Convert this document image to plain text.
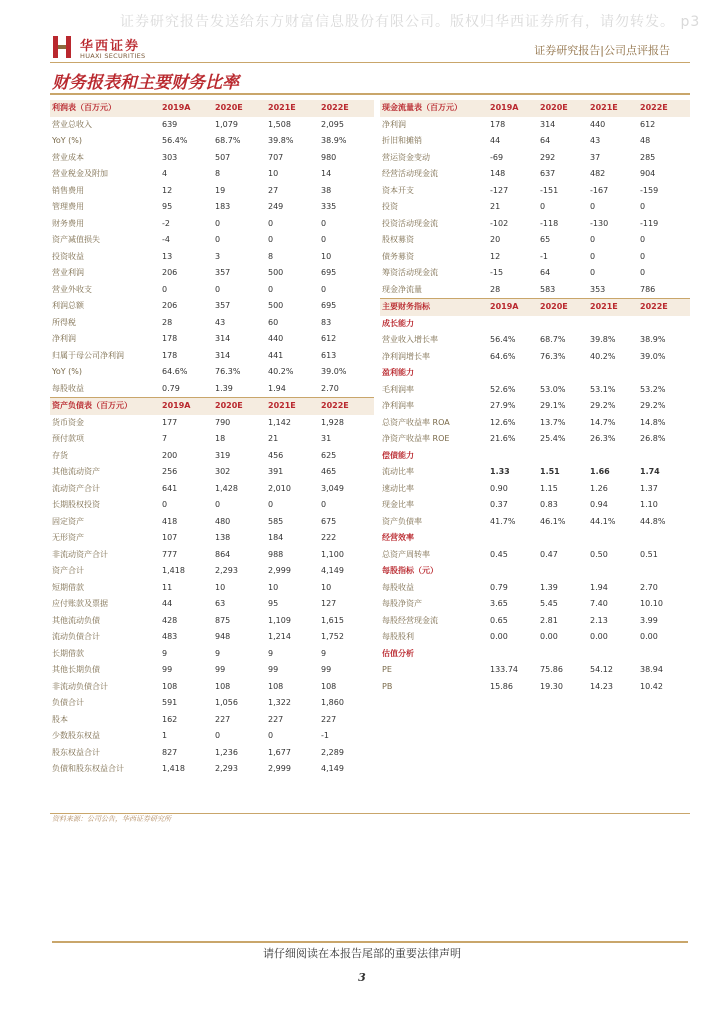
证券研究报告发送给东方财富信息股份有限公司。版权归华西证券所有，请勿转发。 p3
华西证券
HUAXI SECURITIES	证券研究报告|公司点评报告
财务报表和主要财务比率
利润表（百万元）	2019A	2020E	2021E	2022E
营业总收入	639	1,079	1,508	2,095
YoY (%)	56.4%	68.7%	39.8%	38.9%
营业成本	303	507	707	980
营业税金及附加	4	8	10	14
销售费用	12	19	27	38
管理费用	95	183	249	335
财务费用	-2	0	0	0
资产减值损失	-4	0	0	0
投资收益	13	3	8	10
营业利润	206	357	500	695
营业外收支	0	0	0	0
利润总额	206	357	500	695
所得税	28	43	60	83
净利润	178	314	440	612
归属于母公司净利润	178	314	441	613
YoY (%)	64.6%	76.3%	40.2%	39.0%
每股收益	0.79	1.39	1.94	2.70
资产负债表（百万元）	2019A	2020E	2021E	2022E
货币资金	177	790	1,142	1,928
预付款项	7	18	21	31
存货	200	319	456	625
其他流动资产	256	302	391	465
流动资产合计	641	1,428	2,010	3,049
长期股权投资	0	0	0	0
固定资产	418	480	585	675
无形资产	107	138	184	222
非流动资产合计	777	864	988	1,100
资产合计	1,418	2,293	2,999	4,149
短期借款	11	10	10	10
应付账款及票据	44	63	95	127
其他流动负债	428	875	1,109	1,615
流动负债合计	483	948	1,214	1,752
长期借款	9	9	9	9
其他长期负债	99	99	99	99
非流动负债合计	108	108	108	108
负债合计	591	1,056	1,322	1,860
股本	162	227	227	227
少数股东权益	1	0	0	-1
股东权益合计	827	1,236	1,677	2,289
负债和股东权益合计	1,418	2,293	2,999	4,149
现金流量表（百万元）	2019A	2020E	2021E	2022E
净利润	178	314	440	612
折旧和摊销	44	64	43	48
营运资金变动	-69	292	37	285
经营活动现金流	148	637	482	904
资本开支	-127	-151	-167	-159
投资	21	0	0	0
投资活动现金流	-102	-118	-130	-119
股权募资	20	65	0	0
债务募资	12	-1	0	0
筹资活动现金流	-15	64	0	0
现金净流量	28	583	353	786
主要财务指标	2019A	2020E	2021E	2022E
成长能力				
营业收入增长率	56.4%	68.7%	39.8%	38.9%
净利润增长率	64.6%	76.3%	40.2%	39.0%
盈利能力				
毛利润率	52.6%	53.0%	53.1%	53.2%
净利润率	27.9%	29.1%	29.2%	29.2%
总资产收益率 ROA	12.6%	13.7%	14.7%	14.8%
净资产收益率 ROE	21.6%	25.4%	26.3%	26.8%
偿债能力				
流动比率	1.33	1.51	1.66	1.74
速动比率	0.90	1.15	1.26	1.37
现金比率	0.37	0.83	0.94	1.10
资产负债率	41.7%	46.1%	44.1%	44.8%
经营效率				
总资产周转率	0.45	0.47	0.50	0.51
每股指标（元）				
每股收益	0.79	1.39	1.94	2.70
每股净资产	3.65	5.45	7.40	10.10
每股经营现金流	0.65	2.81	2.13	3.99
每股股利	0.00	0.00	0.00	0.00
估值分析				
PE	133.74	75.86	54.12	38.94
PB	15.86	19.30	14.23	10.42
资料来源：公司公告，华西证券研究所
请仔细阅读在本报告尾部的重要法律声明
3
